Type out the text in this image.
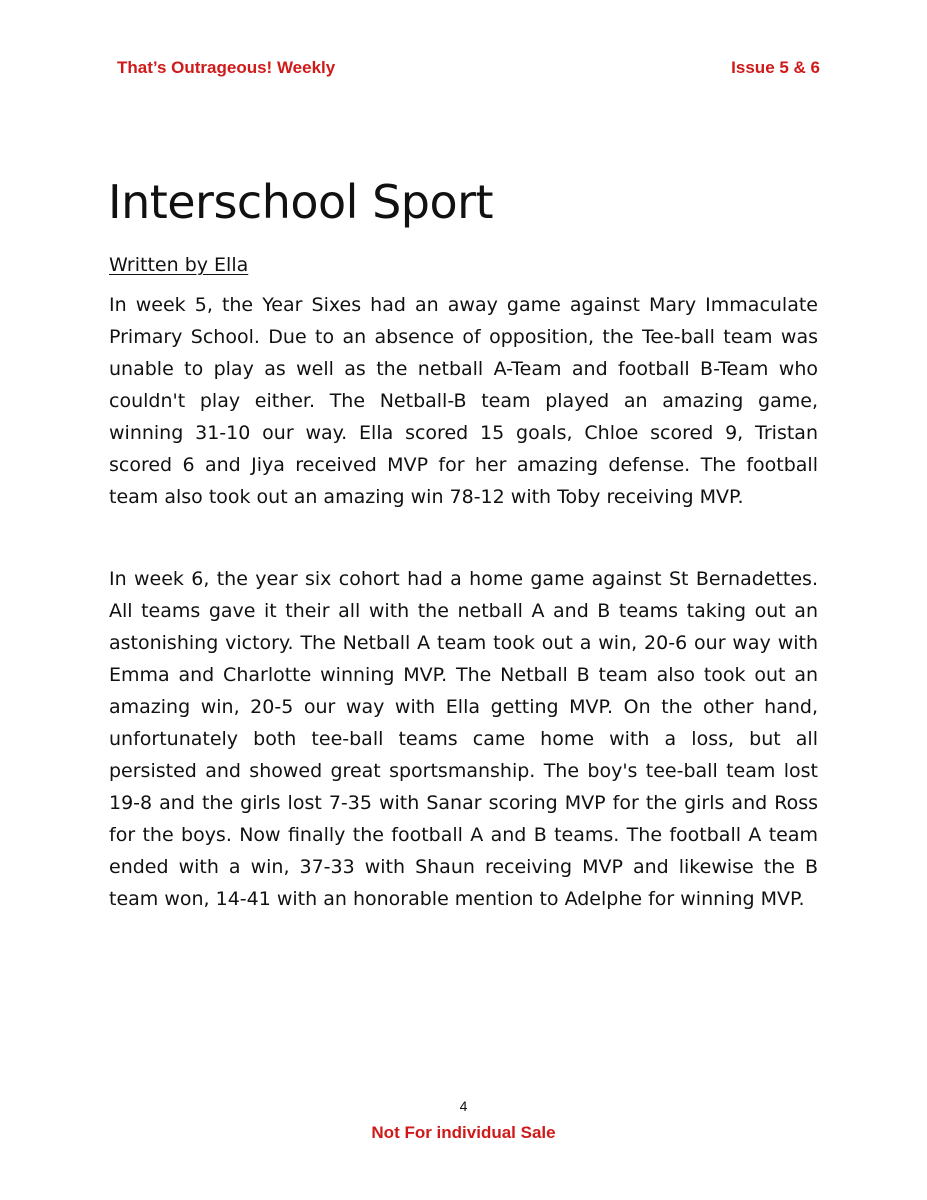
That’s Outrageous! Weekly	Issue 5 & 6
Interschool Sport
Written by Ella

In week 5, the Year Sixes had an away game against Mary Immaculate Primary School. Due to an absence of opposition, the Tee-ball team was unable to play as well as the netball A-Team and football B-Team who couldn't play either. The Netball-B team played an amazing game, winning 31-10 our way. Ella scored 15 goals, Chloe scored 9, Tristan scored 6 and Jiya received MVP for her amazing defense. The football team also took out an amazing win 78-12 with Toby receiving MVP.

In week 6, the year six cohort had a home game against St Bernadettes. All teams gave it their all with the netball A and B teams taking out an astonishing victory. The Netball A team took out a win, 20-6 our way with Emma and Charlotte winning MVP. The Netball B team also took out an amazing win, 20-5 our way with Ella getting MVP. On the other hand, unfortunately both tee-ball teams came home with a loss, but all persisted and showed great sportsmanship. The boy's tee-ball team lost 19-8 and the girls lost 7-35 with Sanar scoring MVP for the girls and Ross for the boys. Now finally the football A and B teams. The football A team ended with a win, 37-33 with Shaun receiving MVP and likewise the B team won, 14-41 with an honorable mention to Adelphe for winning MVP.

4
Not For individual Sale
